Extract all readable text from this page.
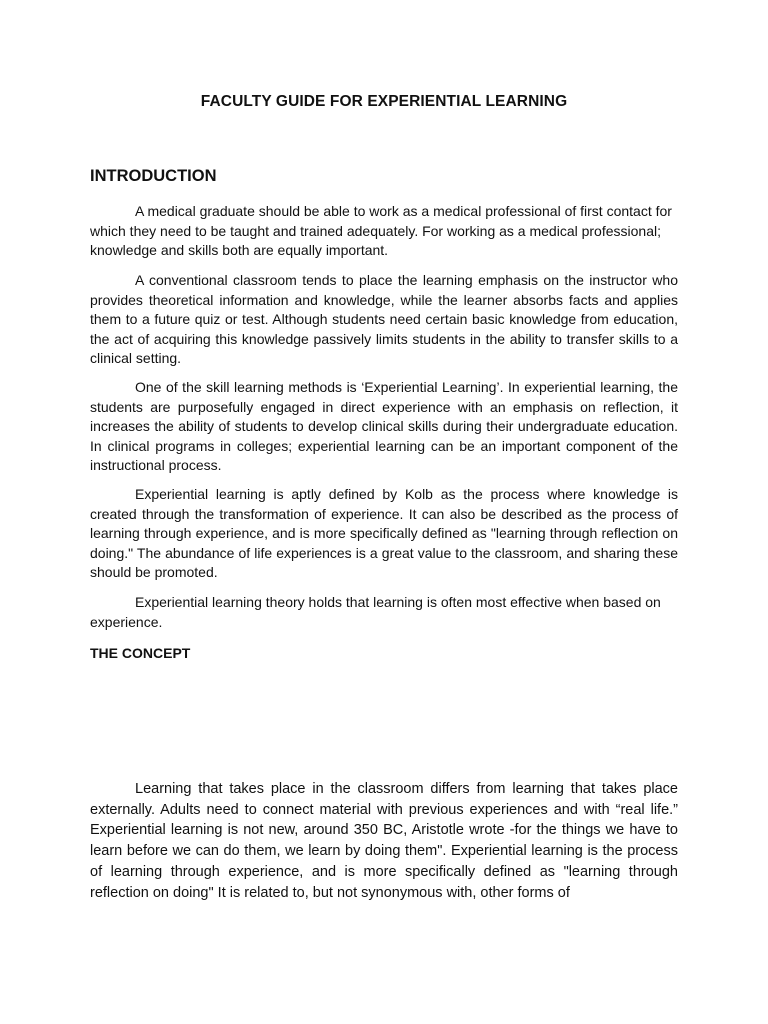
FACULTY GUIDE FOR EXPERIENTIAL LEARNING
INTRODUCTION

A medical graduate should be able to work as a medical professional of first contact for which they need to be taught and trained adequately. For working as a medical professional; knowledge and skills both are equally important.

A conventional classroom tends to place the learning emphasis on the instructor who provides theoretical information and knowledge, while the learner absorbs facts and applies them to a future quiz or test. Although students need certain basic knowledge from education, the act of acquiring this knowledge passively limits students in the ability to transfer skills to a clinical setting.

One of the skill learning methods is ‘Experiential Learning’. In experiential learning, the students are purposefully engaged in direct experience with an emphasis on reflection, it increases the ability of students to develop clinical skills during their undergraduate education. In clinical programs in colleges; experiential learning can be an important component of the instructional process.

Experiential learning is aptly defined by Kolb as the process where knowledge is created through the transformation of experience. It can also be described as the process of learning through experience, and is more specifically defined as "learning through reflection on doing." The abundance of life experiences is a great value to the classroom, and sharing these should be promoted.

Experiential learning theory holds that learning is often most effective when based on experience.

THE CONCEPT

Learning that takes place in the classroom differs from learning that takes place externally. Adults need to connect material with previous experiences and with “real life.” Experiential learning is not new, around 350 BC, Aristotle wrote -for the things we have to learn before we can do them, we learn by doing them". Experiential learning is the process of learning through experience, and is more specifically defined as "learning through reflection on doing" It is related to, but not synonymous with, other forms of
